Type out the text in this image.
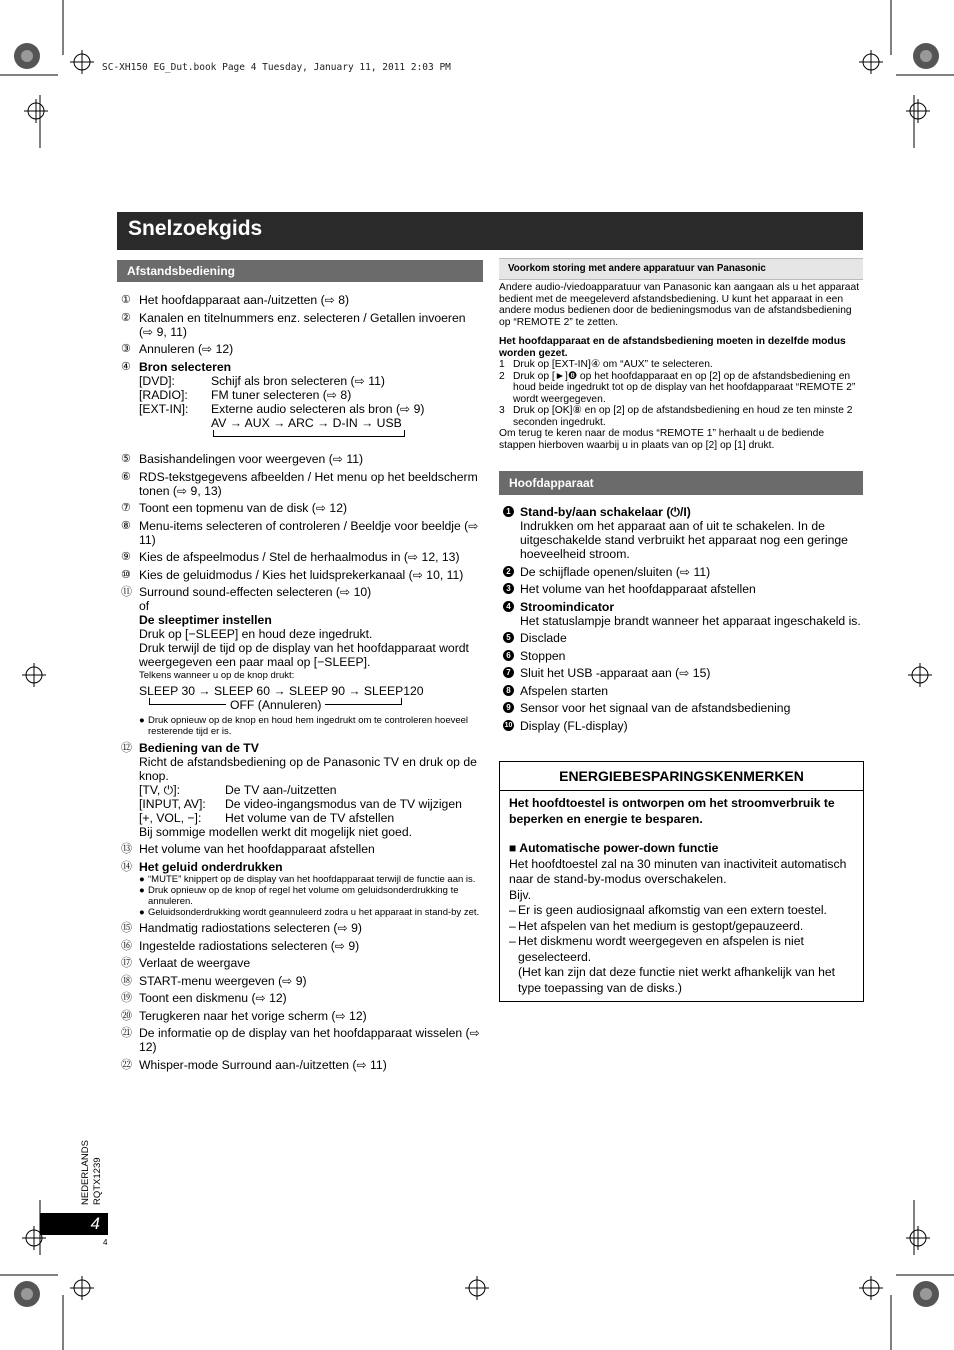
SC-XH150 EG_Dut.book Page 4 Tuesday, January 11, 2011 2:03 PM
Snelzoekgids
Afstandsbediening
① Het hoofdapparaat aan-/uitzetten (⇨ 8)
② Kanalen en titelnummers enz. selecteren / Getallen invoeren (⇨ 9, 11)
③ Annuleren (⇨ 12)
④ Bron selecteren
[DVD]:	Schijf als bron selecteren (⇨ 11)
[RADIO]:	FM tuner selecteren (⇨ 8)
[EXT-IN]:	Externe audio selecteren als bron (⇨ 9)
AV → AUX → ARC → D-IN → USB
⑤ Basishandelingen voor weergeven (⇨ 11)
⑥ RDS-tekstgegevens afbeelden / Het menu op het beeldscherm tonen (⇨ 9, 13)
⑦ Toont een topmenu van de disk (⇨ 12)
⑧ Menu-items selecteren of controleren / Beeldje voor beeldje (⇨ 11)
⑨ Kies de afspeelmodus / Stel de herhaalmodus in (⇨ 12, 13)
⑩ Kies de geluidmodus / Kies het luidsprekerkanaal (⇨ 10, 11)
⑪ Surround sound-effecten selecteren (⇨ 10)
of
De sleeptimer instellen
Druk op [−SLEEP] en houd deze ingedrukt.
Druk terwijl de tijd op de display van het hoofdapparaat wordt weergegeven een paar maal op [−SLEEP].
Telkens wanneer u op de knop drukt:
SLEEP 30 → SLEEP 60 → SLEEP 90 → SLEEP120
OFF (Annuleren)
● Druk opnieuw op de knop en houd hem ingedrukt om te controleren hoeveel resterende tijd er is.
⑫ Bediening van de TV
Richt de afstandsbediening op de Panasonic TV en druk op de knop.
[TV, ⏻]:	De TV aan-/uitzetten
[INPUT, AV]:	De video-ingangsmodus van de TV wijzigen
[+, VOL, −]:	Het volume van de TV afstellen
Bij sommige modellen werkt dit mogelijk niet goed.
⑬ Het volume van het hoofdapparaat afstellen
⑭ Het geluid onderdrukken
● “MUTE” knippert op de display van het hoofdapparaat terwijl de functie aan is.
● Druk opnieuw op de knop of regel het volume om geluidsonderdrukking te annuleren.
● Geluidsonderdrukking wordt geannuleerd zodra u het apparaat in stand-by zet.
⑮ Handmatig radiostations selecteren (⇨ 9)
⑯ Ingestelde radiostations selecteren (⇨ 9)
⑰ Verlaat de weergave
⑱ START-menu weergeven (⇨ 9)
⑲ Toont een diskmenu (⇨ 12)
⑳ Terugkeren naar het vorige scherm (⇨ 12)
㉑ De informatie op de display van het hoofdapparaat wisselen (⇨ 12)
㉒ Whisper-mode Surround aan-/uitzetten (⇨ 11)
Voorkom storing met andere apparatuur van Panasonic
Andere audio-/viedoapparatuur van Panasonic kan aangaan als u het apparaat bedient met de meegeleverd afstandsbediening. U kunt het apparaat in een andere modus bedienen door de bedieningsmodus van de afstandsbediening op “REMOTE 2” te zetten.
Het hoofdapparaat en de afstandsbediening moeten in dezelfde modus worden gezet.
1 Druk op [EXT-IN]④ om “AUX” te selecteren.
2 Druk op [►]❽ op het hoofdapparaat en op [2] op de afstandsbediening en houd beide ingedrukt tot op de display van het hoofdapparaat “REMOTE 2” wordt weergegeven.
3 Druk op [OK]⑧ en op [2] op de afstandsbediening en houd ze ten minste 2 seconden ingedrukt.
Om terug te keren naar de modus “REMOTE 1” herhaalt u de bediende stappen hierboven waarbij u in plaats van op [2] op [1] drukt.
Hoofdapparaat
1 Stand-by/aan schakelaar (⏻/I)
Indrukken om het apparaat aan of uit te schakelen. In de uitgeschakelde stand verbruikt het apparaat nog een geringe hoeveelheid stroom.
2 De schijflade openen/sluiten (⇨ 11)
3 Het volume van het hoofdapparaat afstellen
4 Stroomindicator
Het statuslampje brandt wanneer het apparaat ingeschakeld is.
5 Disclade
6 Stoppen
7 Sluit het USB -apparaat aan (⇨ 15)
8 Afspelen starten
9 Sensor voor het signaal van de afstandsbediening
10 Display (FL-display)
ENERGIEBESPARINGSKENMERKEN
Het hoofdtoestel is ontworpen om het stroomverbruik te beperken en energie te besparen.
■ Automatische power-down functie
Het hoofdtoestel zal na 30 minuten van inactiviteit automatisch naar de stand-by-modus overschakelen.
Bijv.
– Er is geen audiosignaal afkomstig van een extern toestel.
– Het afspelen van het medium is gestopt/gepauzeerd.
– Het diskmenu wordt weergegeven en afspelen is niet geselecteerd.
(Het kan zijn dat deze functie niet werkt afhankelijk van het type toepassing van de disks.)
NEDERLANDS RQTX1239
4
4
